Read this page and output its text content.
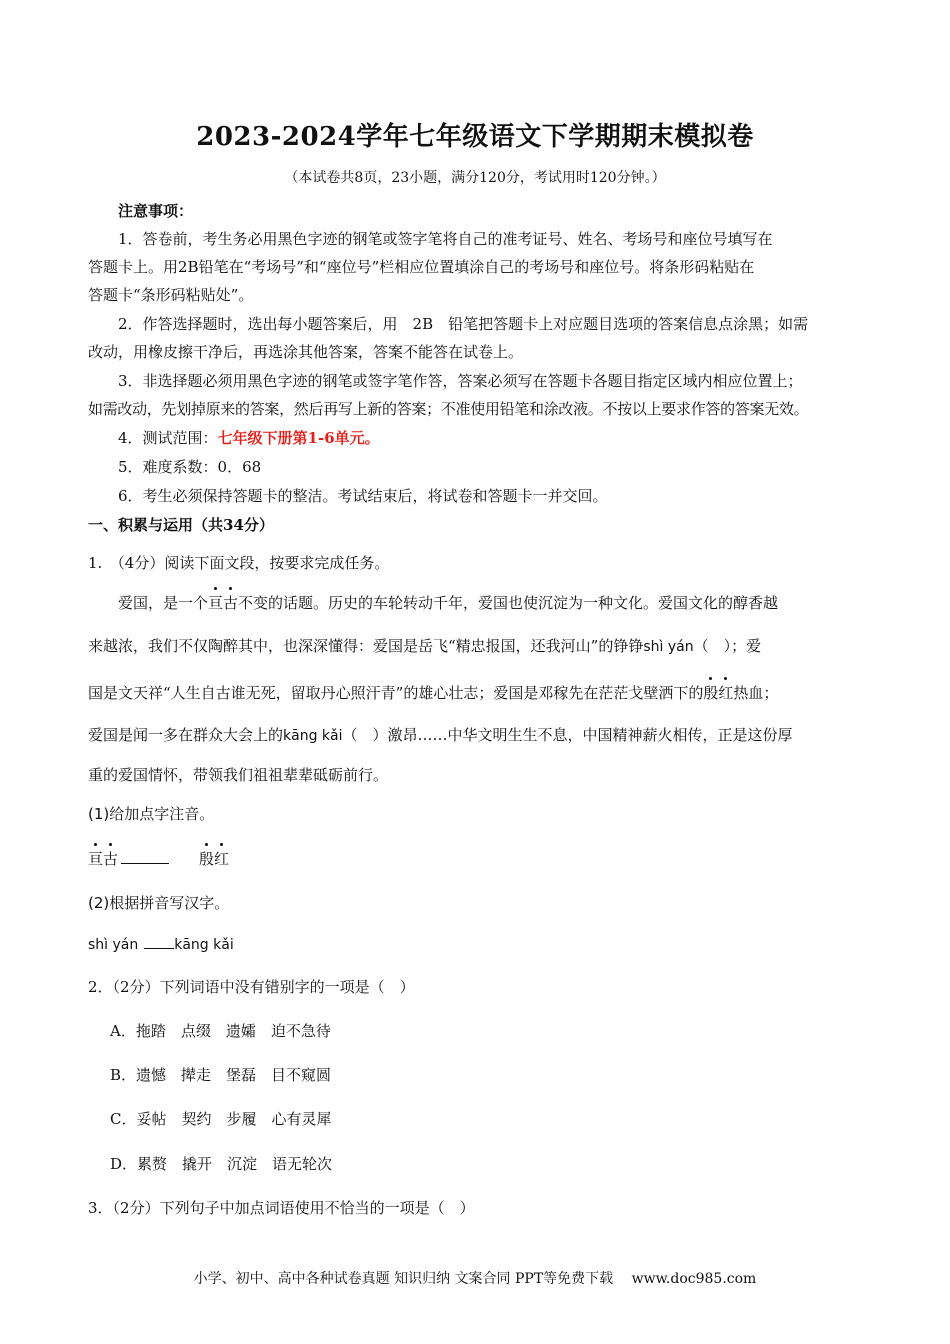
2023-2024学年七年级语文下学期期末模拟卷
（本试卷共8页，23小题，满分120分，考试用时120分钟。）
注意事项：
1．答卷前，考生务必用黑色字迹的钢笔或签字笔将自己的准考证号、姓名、考场号和座位号填写在
答题卡上。用2B铅笔在“考场号”和“座位号”栏相应位置填涂自己的考场号和座位号。将条形码粘贴在
答题卡“条形码粘贴处”。
2．作答选择题时，选出每小题答案后，用　2B　铅笔把答题卡上对应题目选项的答案信息点涂黑；如需
改动，用橡皮擦干净后，再选涂其他答案，答案不能答在试卷上。
3．非选择题必须用黑色字迹的钢笔或签字笔作答，答案必须写在答题卡各题目指定区域内相应位置上；
如需改动，先划掉原来的答案，然后再写上新的答案；不准使用铅笔和涂改液。不按以上要求作答的答案无效。
4．测试范围：七年级下册第1-6单元。
5．难度系数：0．68
6．考生必须保持答题卡的整洁。考试结束后，将试卷和答题卡一并交回。
一、积累与运用（共34分）
1.　（4分）阅读下面文段，按要求完成任务。
爱国，是一个亘古不变的话题。历史的车轮转动千年，爱国也使沉淀为一种文化。爱国文化的醇香越
来越浓，我们不仅陶醉其中，也深深懂得：爱国是岳飞“精忠报国，还我河山”的铮铮shì yán（　）；爱
国是文天祥“人生自古谁无死，留取丹心照汗青”的雄心壮志；爱国是邓稼先在茫茫戈壁洒下的殷红热血；
爱国是闻一多在群众大会上的kāng kǎi（　）激昂……中华文明生生不息，中国精神薪火相传，正是这份厚
重的爱国情怀，带领我们祖祖辈辈砥砺前行。
(1)给加点字注音。
亘古	殷红
(2)根据拼音写汉字。
shì yán	kāng kǎi
2．（2分）下列词语中没有错别字的一项是（　）
A．拖踏　点缀　遗孀　迫不急待
B．遗憾　撵走　堡磊　目不窥圆
C．妥帖　契约　步履　心有灵犀
D．累赘　撬开　沉淀　语无轮次
3．（2分）下列句子中加点词语使用不恰当的一项是（　）
小学、初中、高中各种试卷真题 知识归纳 文案合同 PPT等免费下载　 www.doc985.com
